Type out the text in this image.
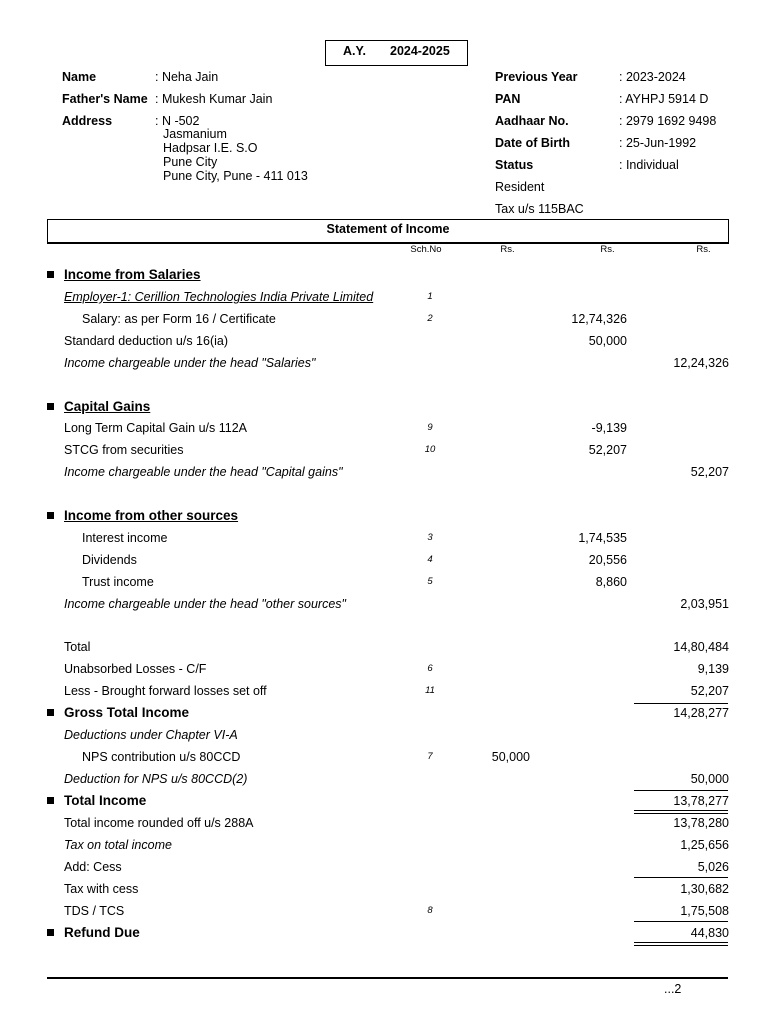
A.Y. 2024-2025
Name	: Neha Jain
Father's Name : Mukesh Kumar Jain
Address	: N -502
Jasmanium
Hadpsar I.E. S.O
Pune City
Pune City, Pune - 411 013
Previous Year	: 2023-2024
PAN	: AYHPJ 5914 D
Aadhaar No.	: 2979 1692 9498
Date of Birth	: 25-Jun-1992
Status	: Individual
Resident
Tax u/s 115BAC
Statement of Income
Sch.No	Rs.	Rs.	Rs.
Income from Salaries
Employer-1: Cerillion Technologies India Private Limited	1
Salary: as per Form 16 / Certificate	2	12,74,326
Standard deduction u/s 16(ia)	50,000
Income chargeable under the head "Salaries"	12,24,326
Capital Gains
Long Term Capital Gain u/s 112A	9	-9,139
STCG from securities	10	52,207
Income chargeable under the head "Capital gains"	52,207
Income from other sources
Interest income	3	1,74,535
Dividends	4	20,556
Trust income	5	8,860
Income chargeable under the head "other sources"	2,03,951
Total	14,80,484
Unabsorbed Losses - C/F	6	9,139
Less - Brought forward losses set off	11	52,207
Gross Total Income	14,28,277
Deductions under Chapter VI-A
NPS contribution u/s 80CCD	7	50,000
Deduction for NPS u/s 80CCD(2)	50,000
Total Income	13,78,277
Total income rounded off u/s 288A	13,78,280
Tax on total income	1,25,656
Add: Cess	5,026
Tax with cess	1,30,682
TDS / TCS	8	1,75,508
Refund Due	44,830
...2
